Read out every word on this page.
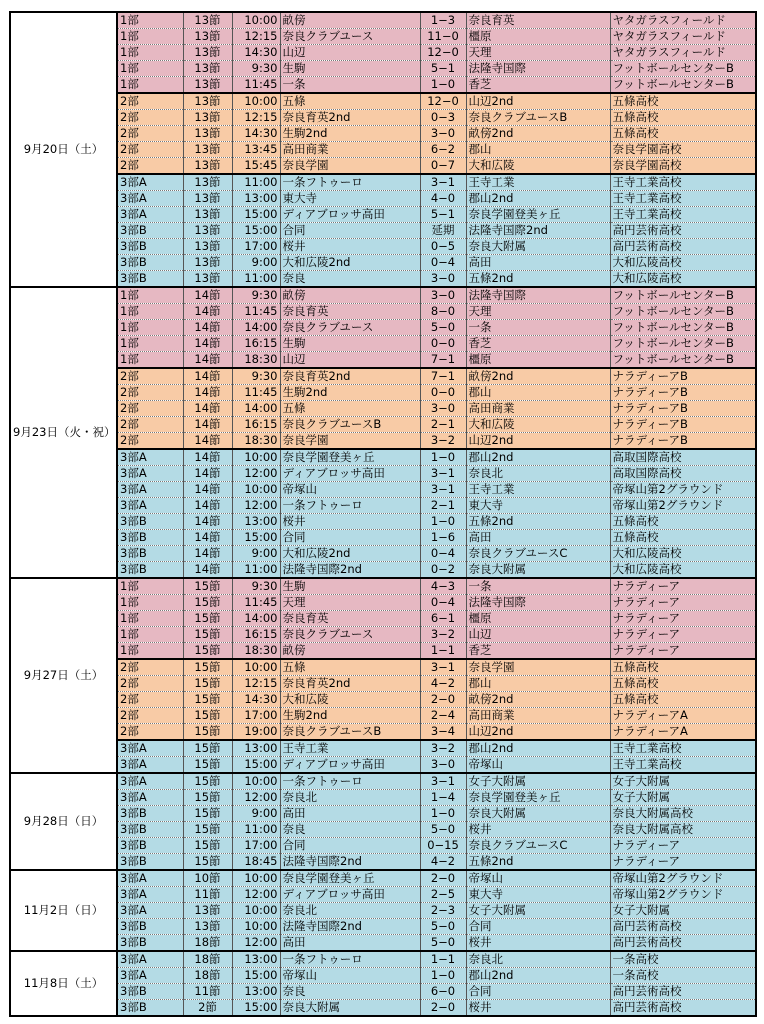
9月20日（土）	1部	13節	10:00	畝傍	1−3	奈良育英	ヤタガラスフィールド
	1部	13節	12:15	奈良クラブユース	11−0	橿原	ヤタガラスフィールド
	1部	13節	14:30	山辺	12−0	天理	ヤタガラスフィールド
	1部	13節	9:30	生駒	5−1	法隆寺国際	フットボールセンターB
	1部	13節	11:45	一条	1−0	香芝	フットボールセンターB
	2部	13節	10:00	五條	12−0	山辺2nd	五條高校
	2部	13節	12:15	奈良育英2nd	0−3	奈良クラブユースB	五條高校
	2部	13節	14:30	生駒2nd	3−0	畝傍2nd	五條高校
	2部	13節	13:45	高田商業	6−2	郡山	奈良学園高校
	2部	13節	15:45	奈良学園	0−7	大和広陵	奈良学園高校
	3部A	13節	11:00	一条フトゥーロ	3−1	王寺工業	王寺工業高校
	3部A	13節	13:00	東大寺	4−0	郡山2nd	王寺工業高校
	3部A	13節	15:00	ディアブロッサ高田	5−1	奈良学園登美ヶ丘	王寺工業高校
	3部B	13節	15:00	合同	延期	法隆寺国際2nd	高円芸術高校
	3部B	13節	17:00	桜井	0−5	奈良大附属	高円芸術高校
	3部B	13節	9:00	大和広陵2nd	0−4	高田	大和広陵高校
	3部B	13節	11:00	奈良	3−0	五條2nd	大和広陵高校
9月23日（火・祝）	1部	14節	9:30	畝傍	3−0	法隆寺国際	フットボールセンターB
	1部	14節	11:45	奈良育英	8−0	天理	フットボールセンターB
	1部	14節	14:00	奈良クラブユース	5−0	一条	フットボールセンターB
	1部	14節	16:15	生駒	0−0	香芝	フットボールセンターB
	1部	14節	18:30	山辺	7−1	橿原	フットボールセンターB
	2部	14節	9:30	奈良育英2nd	7−1	畝傍2nd	ナラディーアB
	2部	14節	11:45	生駒2nd	0−0	郡山	ナラディーアB
	2部	14節	14:00	五條	3−0	高田商業	ナラディーアB
	2部	14節	16:15	奈良クラブユースB	2−1	大和広陵	ナラディーアB
	2部	14節	18:30	奈良学園	3−2	山辺2nd	ナラディーアB
	3部A	14節	10:00	奈良学園登美ヶ丘	1−0	郡山2nd	高取国際高校
	3部A	14節	12:00	ディアブロッサ高田	3−1	奈良北	高取国際高校
	3部A	14節	10:00	帝塚山	3−1	王寺工業	帝塚山第2グラウンド
	3部A	14節	12:00	一条フトゥーロ	2−1	東大寺	帝塚山第2グラウンド
	3部B	14節	13:00	桜井	1−0	五條2nd	五條高校
	3部B	14節	15:00	合同	1−6	高田	五條高校
	3部B	14節	9:00	大和広陵2nd	0−4	奈良クラブユースC	大和広陵高校
	3部B	14節	11:00	法隆寺国際2nd	0−2	奈良大附属	大和広陵高校
9月27日（土）	1部	15節	9:30	生駒	4−3	一条	ナラディーア
	1部	15節	11:45	天理	0−4	法隆寺国際	ナラディーア
	1部	15節	14:00	奈良育英	6−1	橿原	ナラディーア
	1部	15節	16:15	奈良クラブユース	3−2	山辺	ナラディーア
	1部	15節	18:30	畝傍	1−1	香芝	ナラディーア
	2部	15節	10:00	五條	3−1	奈良学園	五條高校
	2部	15節	12:15	奈良育英2nd	4−2	郡山	五條高校
	2部	15節	14:30	大和広陵	2−0	畝傍2nd	五條高校
	2部	15節	17:00	生駒2nd	2−4	高田商業	ナラディーアA
	2部	15節	19:00	奈良クラブユースB	3−4	山辺2nd	ナラディーアA
	3部A	15節	13:00	王寺工業	3−2	郡山2nd	王寺工業高校
	3部A	15節	15:00	ディアブロッサ高田	3−0	帝塚山	王寺工業高校
9月28日（日）	3部A	15節	10:00	一条フトゥーロ	3−1	女子大附属	女子大附属
	3部A	15節	12:00	奈良北	1−4	奈良学園登美ヶ丘	女子大附属
	3部B	15節	9:00	高田	1−0	奈良大附属	奈良大附属高校
	3部B	15節	11:00	奈良	5−0	桜井	奈良大附属高校
	3部B	15節	17:00	合同	0−15	奈良クラブユースC	ナラディーア
	3部B	15節	18:45	法隆寺国際2nd	4−2	五條2nd	ナラディーア
11月2日（日）	3部A	10節	10:00	奈良学園登美ヶ丘	2−0	帝塚山	帝塚山第2グラウンド
	3部A	11節	12:00	ディアブロッサ高田	2−5	東大寺	帝塚山第2グラウンド
	3部A	13節	10:00	奈良北	2−3	女子大附属	女子大附属
	3部B	13節	10:00	法隆寺国際2nd	5−0	合同	高円芸術高校
	3部B	18節	12:00	高田	5−0	桜井	高円芸術高校
11月8日（土）	3部A	18節	13:00	一条フトゥーロ	1−1	奈良北	一条高校
	3部A	18節	15:00	帝塚山	1−0	郡山2nd	一条高校
	3部B	11節	13:00	奈良	6−0	合同	高円芸術高校
	3部B	2節	15:00	奈良大附属	2−0	桜井	高円芸術高校
